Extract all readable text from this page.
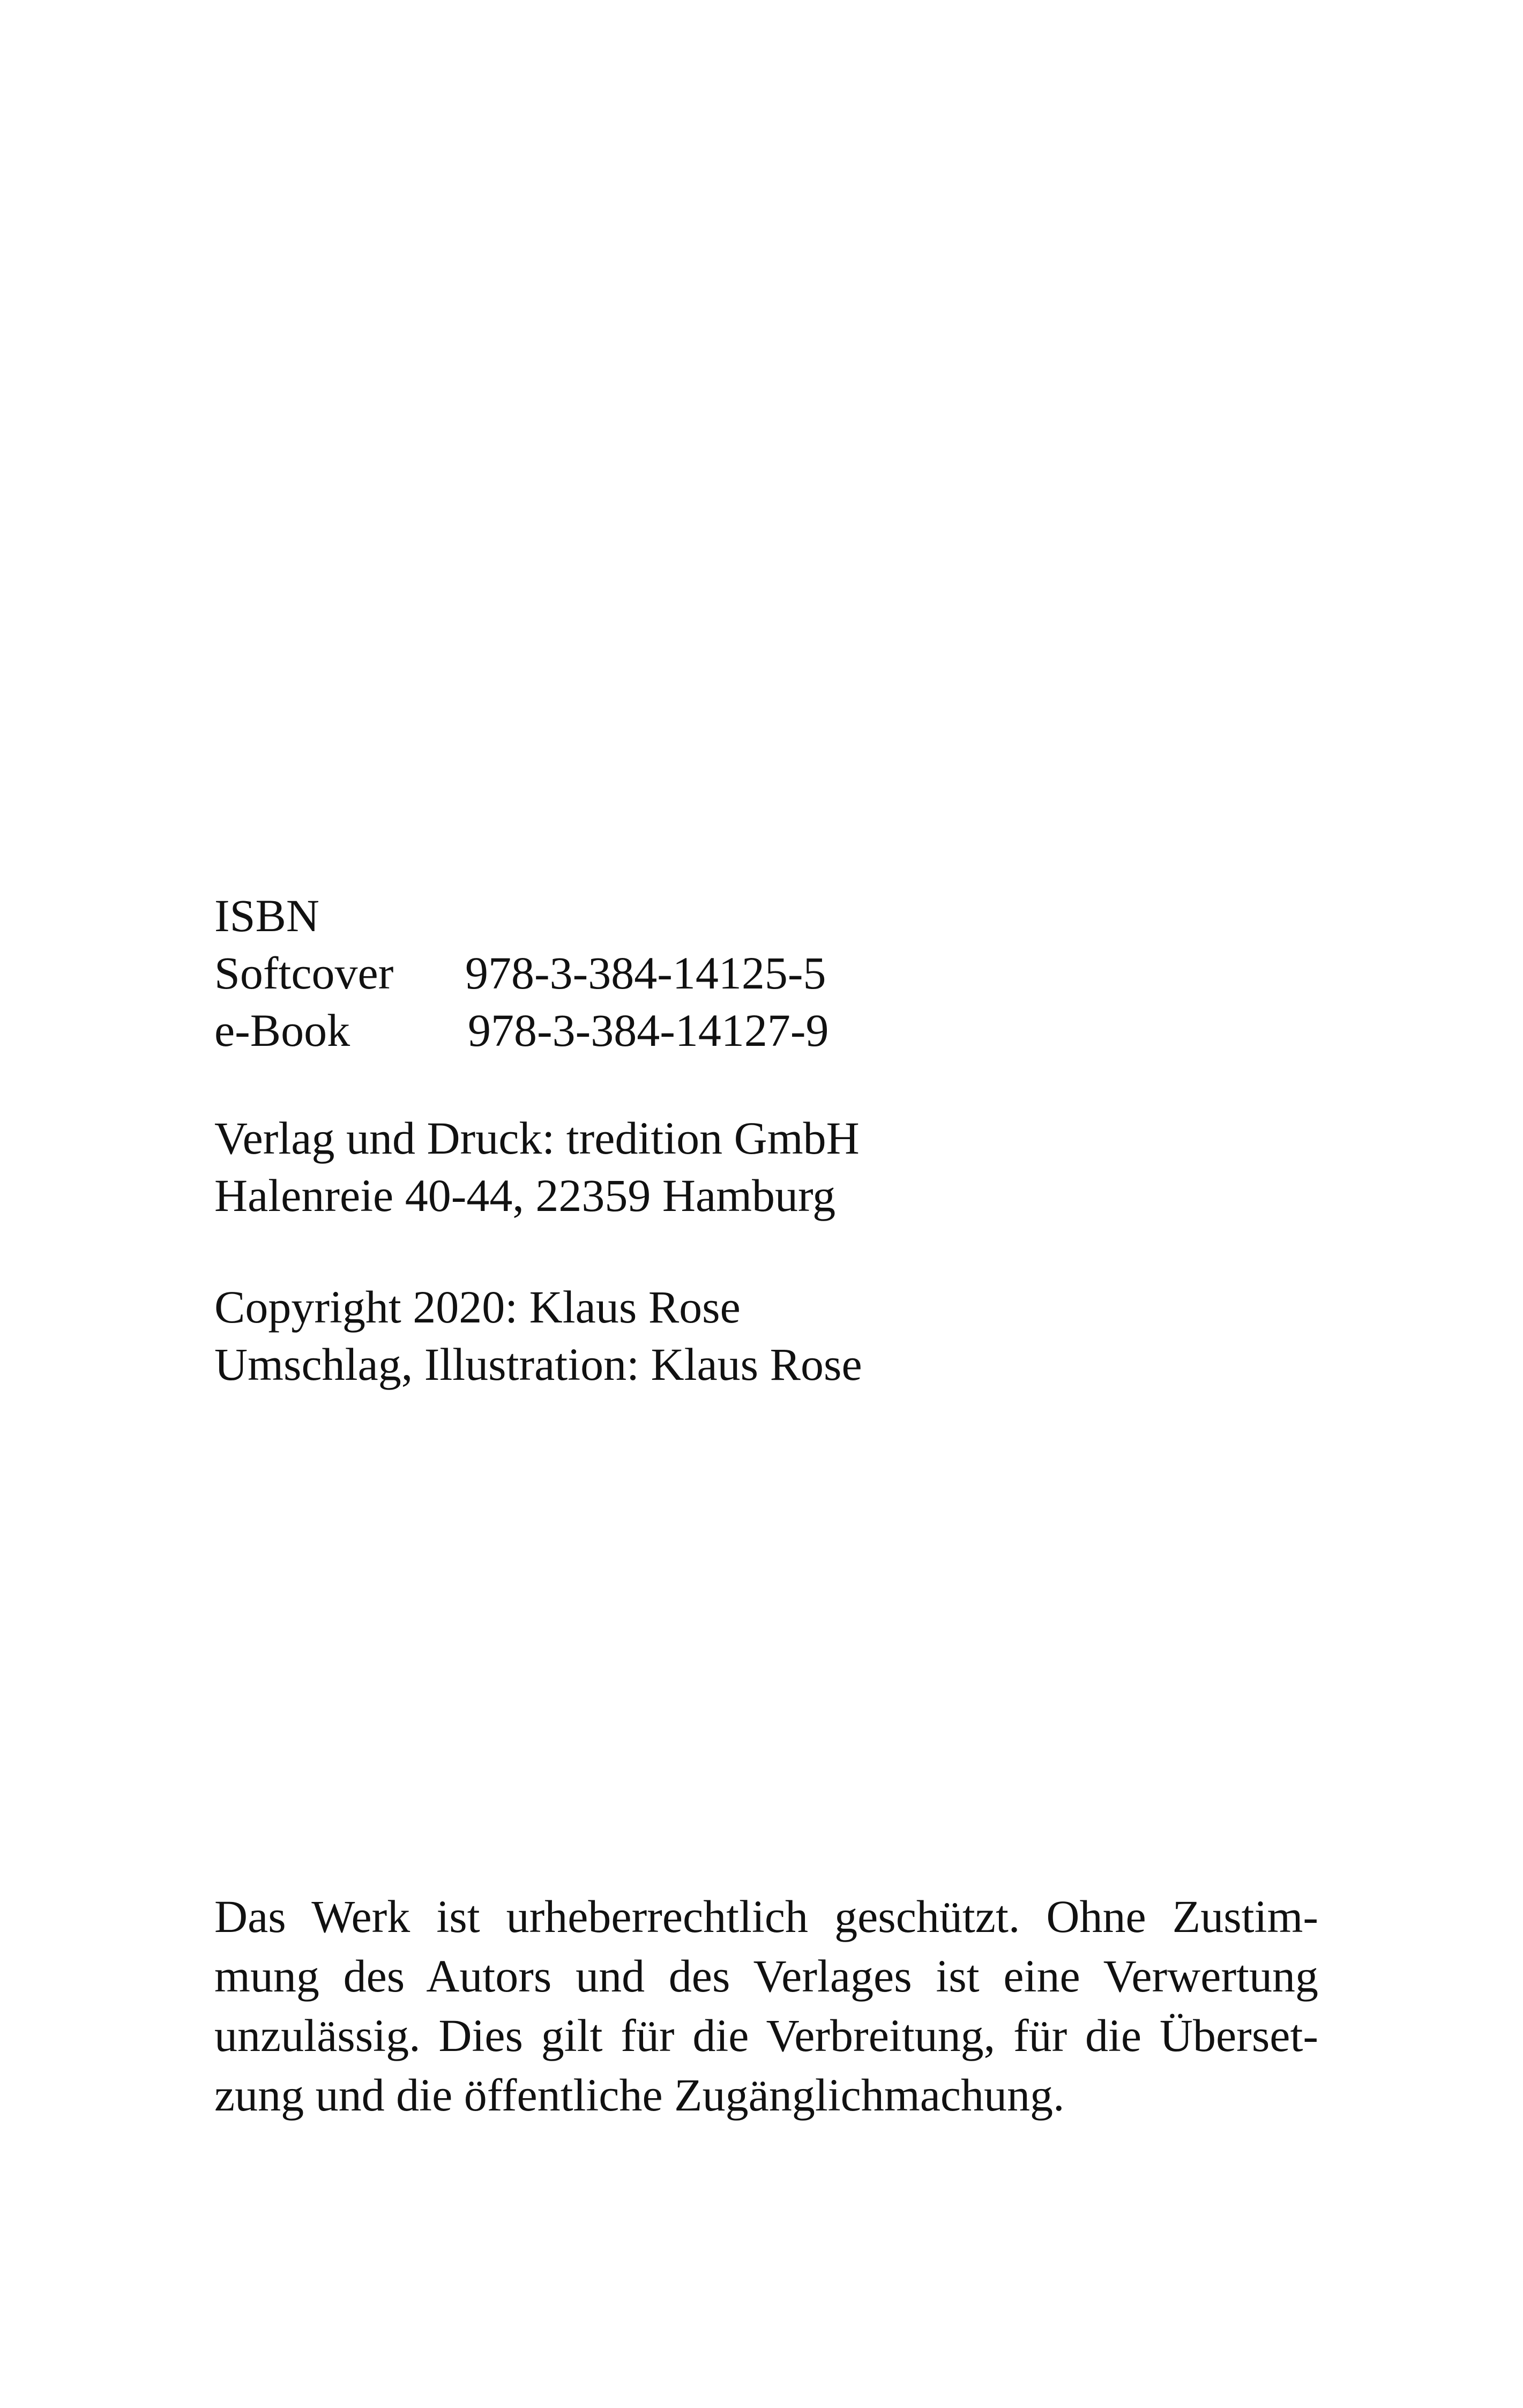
ISBN
Softcover	978-3-384-14125-5
e-Book	978-3-384-14127-9
Verlag und Druck: tredition GmbH
Halenreie 40-44, 22359 Hamburg
Copyright 2020: Klaus Rose
Umschlag, Illustration: Klaus Rose
Das Werk ist urheberrechtlich geschützt. Ohne Zustim-
mung des Autors und des Verlages ist eine Verwertung
unzulässig. Dies gilt für die Verbreitung, für die Überset-
zung und die öffentliche Zugänglichmachung.
